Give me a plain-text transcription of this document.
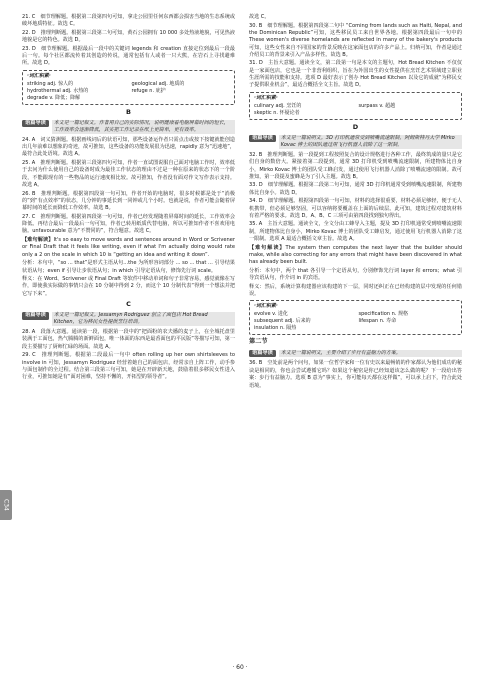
21. C　细节理解题。根据第二段第四句可知，拿走公园里任何东西都会损害当地的生态系统或破坏地质特征。故选 C。

22. D　推理判断题。根据第三段第二句可知，黄石公园拥有 10 000 多处热液地貌，可见热液地貌是它的特色。故选 D。

23. D　细节理解题。根据最后一段中的关键词 legends 和 creation 直接定位到最后一段最后一句。每个社区都流传着其创造的传说，通常包括有人或者一只大熊，在岩石上寻找避难所。故选 D。

·词汇积累·
striking adj. 惊人的	geological adj. 地质的
hydrothermal adj. 水热的	refuge n. 庇护
degrade v. 降低；降解
B
语篇导读	本文是一篇记叙文。作者用自己的实际情况，说明健康看电脑屏幕时间的短长，工作效率会逐渐降低，其实把工作记录在纸上更简单，更有效率。

24. A　词义猜测题。根据画线词后的状语可知，那些设备运作者只需点击或按下按键就能创造出几年前难以想象的奇迹，故可推知，这些设备的功能发展很为迅速，rapidly 意为“迅速地”，最符合此处语境。故选 A。

25. A　推理判断题。根据第三段第四句可知，作者一直试图说服自己面对电脑工作时，效率低于去问为什么使用自己的设备时成为最佳工作状态的理由不过是一种在原来的状态下的一个阶段，不能跟现有的一些物品的运行速度相比较。故可推知，作者没有面对作文写作表示支持。故选 A。

26. B　推理判断题。根据第四段第一句可知，作者开始的电脑时，很多时候都是处于“消极的”到“有点效率”的状态，几分钟的事延长到一同钟或几个小时。也就是说，作者可能会随着屏幕时间的延长而降低工作效率。故选 B。

27. C　推理判断题。根据第四段第一句可知，作者已经发现随着屏幕时间的延长，工作效率会降低。再结合最后一段最后一句可知，作者已转用纸质代替电脑，所以可推知作者不喜欢用电脑。unfavourable 意为“不赞同的”，符合题意。故选 C。

【难句解读】It's so easy to move words and sentences around in Word or Scrivener or Final Draft that it feels like writing, even if what I'm actually doing would rate only a 2 on the scale in which 10 is “getting an idea and writing it down”.

分析：本句中，“so ... that”是形式主语从句...the 为所形容词部分 ... so ... that ... 引导结果状语从句；even if 引导让步状语从句；in which 引导定语从句，修饰先行词 scale。

释义：在 Word、Scrivener 或 Final Draft 等软件中移动单词和句子非常容易，感觉就像在写作，即使我实际做的事情只会在 10 分制中得到 2 分，而这个 10 分制代表“得到一个想法并把它写下来”。

C
语篇导读	本文是一篇记叙文。Jessamyn Rodriguez 创立了面包店 Hot Bread Kitchen，它为移民女性提供烹饪培训。

28. A　段落大意题。通读第一段，根据第一段中的“把面粉的农夫播的麦子上，在全城托盘里装满于工面包，热气腾腾的新鲜面包，唯一体面的东西是最香面包的平民版”等描写可知，第一段主要描写了厨师忙碌的场面。故选 A。

29. C　推理判断题。根据第二段最后一句中 often rolling up her own shirtsleeves to involve in 可知，Jessamyn Rodriguez 经营着她自己的面包店，经常亲自上阵工作，动手参与面包制作的全过程。结合第三段第三句可知，她是在开辟新天地，鼓励着很多移民女性进入行业，可推知她是有“面对困难，坚持不懈的，开拓型的领导者”。

故选 C。

30. B　细节理解题。根据第四段第二句中 “Coming from lands such as Haiti, Nepal, and the Dominican Republic”可知，这些移民员工来自世界各地。根据第四段最后一句中的 These women's diverse homelands are reflected in many of the bakery's products 可知，这些女性来自不同国家的背景反映在这家面包店的许多产品上。归纳可知，作者是通过介绍员工的背景来引入产品多样性。故选 B。

31. D　主旨大意题。通读全文，第二段第一句是本文的主题句，Hot Bread Kitchen 不仅仅是一家面包店，它也是一个非营利组织，旨在为外国出生的女性提供在烹饪艺术领域建立职业生涯所需的技能和支持。选项 D 最好表示了创办 Hot Bread Kitchen 以及它的成就“为移民女子提供职业机会”，最适合概括全文主旨。故选 D。

·词汇积累·
culinary adj. 烹饪的	surpass v. 超越
skeptic n. 怀疑论者
D
语篇导读	本文是一篇说明文。3D 打印机通常受到喷嘴流速限制，阿姆斯特丹大学 Mirko Kovac 博士的团队通过用飞行机器人消除了这一限制。

32. B　推理判断题。第一段提到工程按照复合的设计规格进行各种工作，最终筑成的量只是它们自身的数倍大。紧接着第二段提到，通常 3D 打印机受到喷嘴流速限制，所建物体比自身小，Mirko Kovac 博士的团队受工蜂启发，通过使用飞行机器人消除了喷嘴流速的限制。故可推知，第一段提及蜜蜂是为了引入主题。故选 B。

33. D　细节理解题。根据第二段第二句可知，通常 3D 打印机通常受到喷嘴流速限制，所建物体比自身小。故选 D。

34. D　细节理解题。根据第四段第一句可知，材料的选择很重要，材料必须足够轻，便于无人机携带，但必须足够坚固，可以容纳将要覆盖在上面的后续层。此可知，建筑过程对建筑材料有着严格的要求。故选 D。A、B、C 三项可由第四段找到独句得出。

35. A　主旨大意题。通读全文，全文分由工蜂导入主题，提及 3D 打印机通常受到喷嘴流速限制，所建物体比自身小，Mirko Kovac 博士的团队受工蜂启发，通过使用飞行机器人消除了这一限制。选项 A 最适合概括文章主旨。故选 A。

【难句解读】The system then computes the next layer that the builder should make, while also correcting for any errors that might have been discovered in what has already been built.

分析：本句中，两个 that 各引导一个定语从句，分别修饰先行词 layer 和 errors；what 引导宾语从句，作介词 in 的宾语。

释义：然后，系统计算构建器应该构建的下一层，同时还纠正在已经构建的层中发现的任何错误。

·词汇积累·
evolve v. 进化	specification n. 规格
subsequent adj. 后来的	lifespan n. 寿命
insulation n. 隔热
第二节
语篇导读	本文是一篇说明文，主要介绍了步行有益脑力的方案。

36. B　空处前是两个问句，如果一位哲学家和一位有史以来最畅销的作家都认为他们成功的秘诀是相同的，你也会尝试遵循它吗？如果这个秘密是你已经知道该怎么做的呢？下一段给出答案：步行有益脑力。选项 B 意为“事实上，你可能每天都在这样做”，可以承上启下，符合此处语境。

C34
· 60 ·
